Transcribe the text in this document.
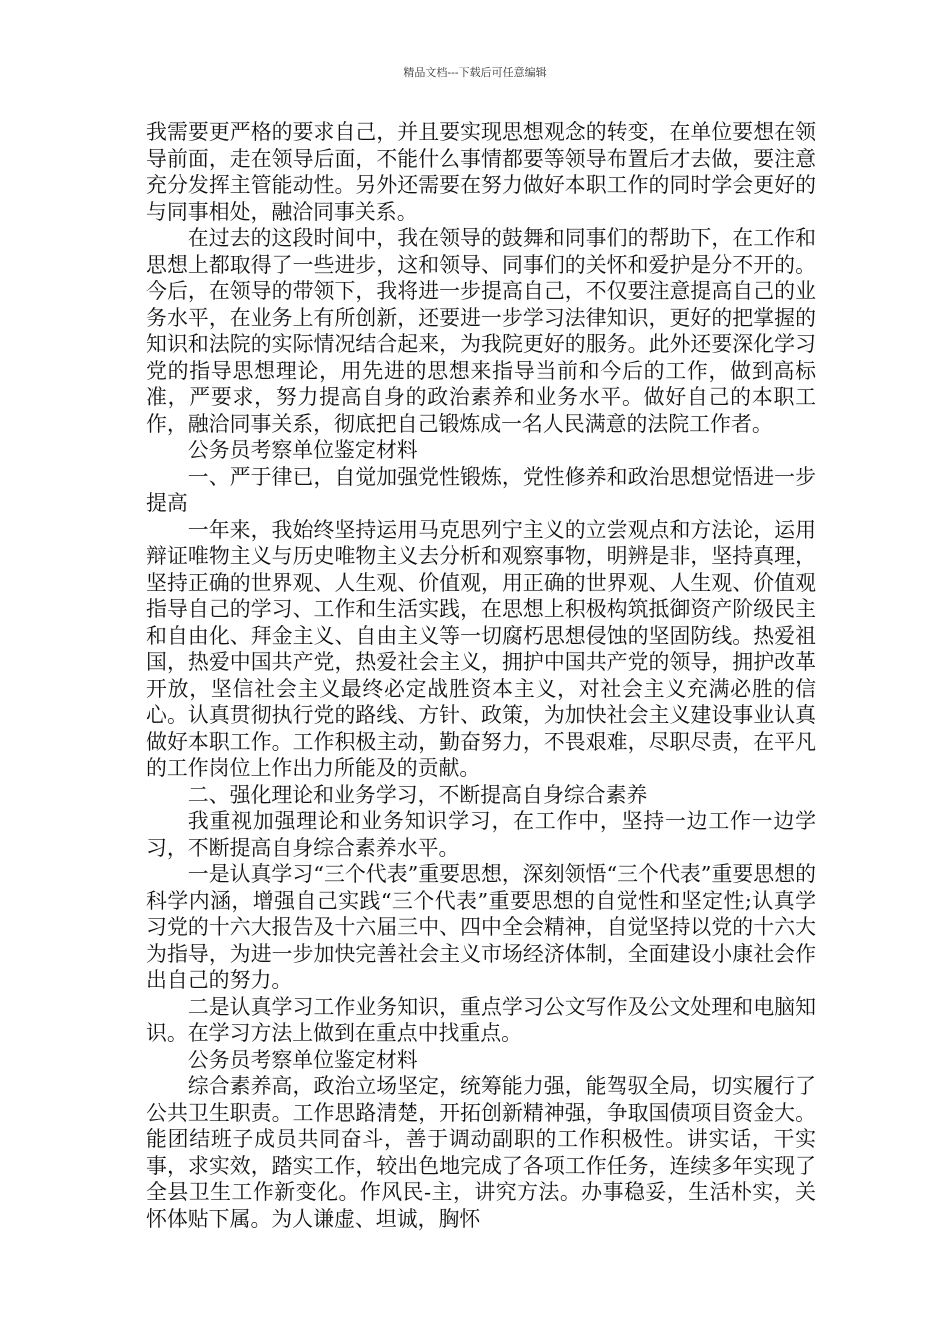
精品文档---下载后可任意编辑

我需要更严格的要求自己，并且要实现思想观念的转变，在单位要想在领导前面，走在领导后面，不能什么事情都要等领导布置后才去做，要注意充分发挥主管能动性。另外还需要在努力做好本职工作的同时学会更好的与同事相处，融洽同事关系。

在过去的这段时间中，我在领导的鼓舞和同事们的帮助下，在工作和思想上都取得了一些进步，这和领导、同事们的关怀和爱护是分不开的。今后，在领导的带领下，我将进一步提高自己，不仅要注意提高自己的业务水平，在业务上有所创新，还要进一步学习法律知识，更好的把掌握的知识和法院的实际情况结合起来，为我院更好的服务。此外还要深化学习党的指导思想理论，用先进的思想来指导当前和今后的工作，做到高标准，严要求，努力提高自身的政治素养和业务水平。做好自己的本职工作，融洽同事关系，彻底把自己锻炼成一名人民满意的法院工作者。

公务员考察单位鉴定材料

一、严于律已，自觉加强党性锻炼，党性修养和政治思想觉悟进一步提高

一年来，我始终坚持运用马克思列宁主义的立尝观点和方法论，运用辩证唯物主义与历史唯物主义去分析和观察事物，明辨是非，坚持真理，坚持正确的世界观、人生观、价值观，用正确的世界观、人生观、价值观指导自己的学习、工作和生活实践，在思想上积极构筑抵御资产阶级民主和自由化、拜金主义、自由主义等一切腐朽思想侵蚀的坚固防线。热爱祖国，热爱中国共产党，热爱社会主义，拥护中国共产党的领导，拥护改革开放，坚信社会主义最终必定战胜资本主义，对社会主义充满必胜的信心。认真贯彻执行党的路线、方针、政策，为加快社会主义建设事业认真做好本职工作。工作积极主动，勤奋努力，不畏艰难，尽职尽责，在平凡的工作岗位上作出力所能及的贡献。

二、强化理论和业务学习，不断提高自身综合素养

我重视加强理论和业务知识学习，在工作中，坚持一边工作一边学习，不断提高自身综合素养水平。

一是认真学习“三个代表”重要思想，深刻领悟“三个代表”重要思想的科学内涵，增强自己实践“三个代表”重要思想的自觉性和坚定性;认真学习党的十六大报告及十六届三中、四中全会精神，自觉坚持以党的十六大为指导，为进一步加快完善社会主义市场经济体制，全面建设小康社会作出自己的努力。

二是认真学习工作业务知识，重点学习公文写作及公文处理和电脑知识。在学习方法上做到在重点中找重点。

公务员考察单位鉴定材料

综合素养高，政治立场坚定，统筹能力强，能驾驭全局，切实履行了公共卫生职责。工作思路清楚，开拓创新精神强，争取国债项目资金大。能团结班子成员共同奋斗，善于调动副职的工作积极性。讲实话，干实事，求实效，踏实工作，较出色地完成了各项工作任务，连续多年实现了全县卫生工作新变化。作风民-主，讲究方法。办事稳妥，生活朴实，关怀体贴下属。为人谦虚、坦诚，胸怀
